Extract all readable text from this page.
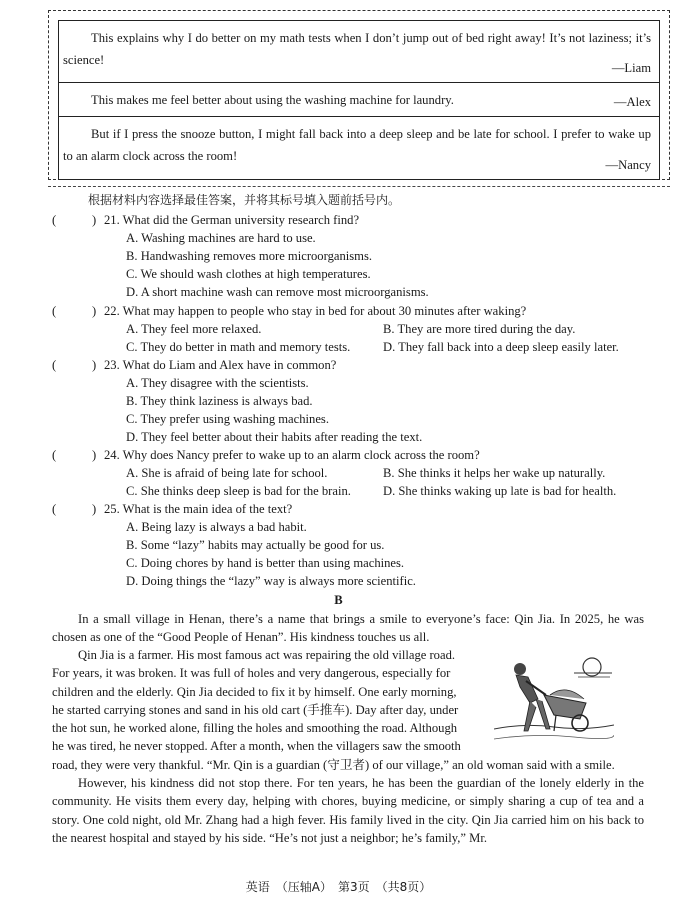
This explains why I do better on my math tests when I don’t jump out of bed right away! It’s not laziness; it’s science!
—Liam
This makes me feel better about using the washing machine for laundry.	—Alex
But if I press the snooze button, I might fall back into a deep sleep and be late for school. I prefer to wake up to an alarm clock across the room!
—Nancy
根据材料内容选择最佳答案，并将其标号填入题前括号内。
(	) 21. What did the German university research find?
A. Washing machines are hard to use.
B. Handwashing removes more microorganisms.
C. We should wash clothes at high temperatures.
D. A short machine wash can remove most microorganisms.
(	) 22. What may happen to people who stay in bed for about 30 minutes after waking?
A. They feel more relaxed.	B. They are more tired during the day.
C. They do better in math and memory tests.	D. They fall back into a deep sleep easily later.
(	) 23. What do Liam and Alex have in common?
A. They disagree with the scientists.
B. They think laziness is always bad.
C. They prefer using washing machines.
D. They feel better about their habits after reading the text.
(	) 24. Why does Nancy prefer to wake up to an alarm clock across the room?
A. She is afraid of being late for school.	B. She thinks it helps her wake up naturally.
C. She thinks deep sleep is bad for the brain.	D. She thinks waking up late is bad for health.
(	) 25. What is the main idea of the text?
A. Being lazy is always a bad habit.
B. Some “lazy” habits may actually be good for us.
C. Doing chores by hand is better than using machines.
D. Doing things the “lazy” way is always more scientific.
B

In a small village in Henan, there’s a name that brings a smile to everyone’s face: Qin Jia. In 2025, he was chosen as one of the “Good People of Henan”. His kindness touches us all.

Qin Jia is a farmer. His most famous act was repairing the old village road.
For years, it was broken. It was full of holes and very dangerous, especially for
children and the elderly. Qin Jia decided to fix it by himself. One early morning,
he started carrying stones and sand in his old cart (手推车). Day after day, under
the hot sun, he worked alone, filling the holes and smoothing the road. Although
he was tired, he never stopped. After a month, when the villagers saw the smooth

road, they were very thankful. “Mr. Qin is a guardian (守卫者) of our village,” an old woman said with a smile.

However, his kindness did not stop there. For ten years, he has been the guardian of the lonely elderly in the community. He visits them every day, helping with chores, buying medicine, or simply sharing a cup of tea and a story. One cold night, old Mr. Zhang had a high fever. His family lived in the city. Qin Jia carried him on his back to the nearest hospital and stayed by his side. “He’s not just a neighbor; he’s family,” Mr.

英语　（压轴A）　第3页　（共8页）
